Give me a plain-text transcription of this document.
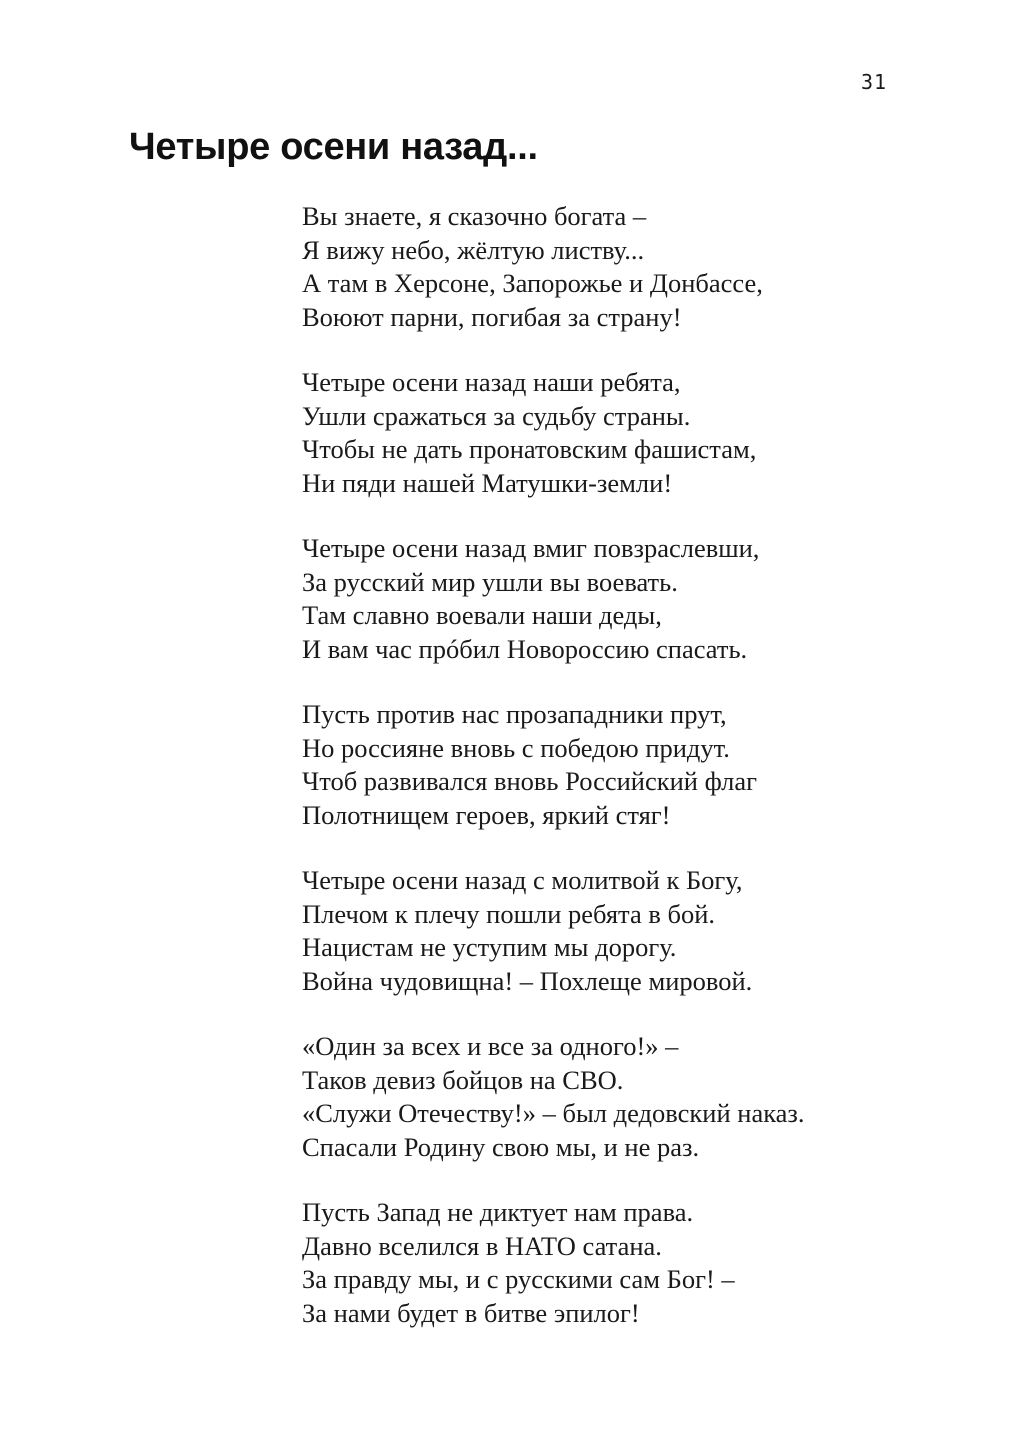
31
Четыре осени назад...
Вы знаете, я сказочно богата –
Я вижу небо, жёлтую листву...
А там в Херсоне, Запорожье и Донбассе,
Воюют парни, погибая за страну!
Четыре осени назад наши ребята,
Ушли сражаться за судьбу страны.
Чтобы не дать пронатовским фашистам,
Ни пяди нашей Матушки-земли!
Четыре осени назад вмиг повзраслевши,
За русский мир ушли вы воевать.
Там славно воевали наши деды,
И вам час прóбил Новороссию спасать.
Пусть против нас прозападники прут,
Но россияне вновь с победою придут.
Чтоб развивался вновь Российский флаг
Полотнищем героев, яркий стяг!
Четыре осени назад с молитвой к Богу,
Плечом к плечу пошли ребята в бой.
Нацистам не уступим мы дорогу.
Война чудовищна! – Похлеще мировой.
«Один за всех и все за одного!» –
Таков девиз бойцов на СВО.
«Служи Отечеству!» – был дедовский наказ.
Спасали Родину свою мы, и не раз.
Пусть Запад не диктует нам права.
Давно вселился в НАТО сатана.
За правду мы, и с русскими сам Бог! –
За нами будет в битве эпилог!
